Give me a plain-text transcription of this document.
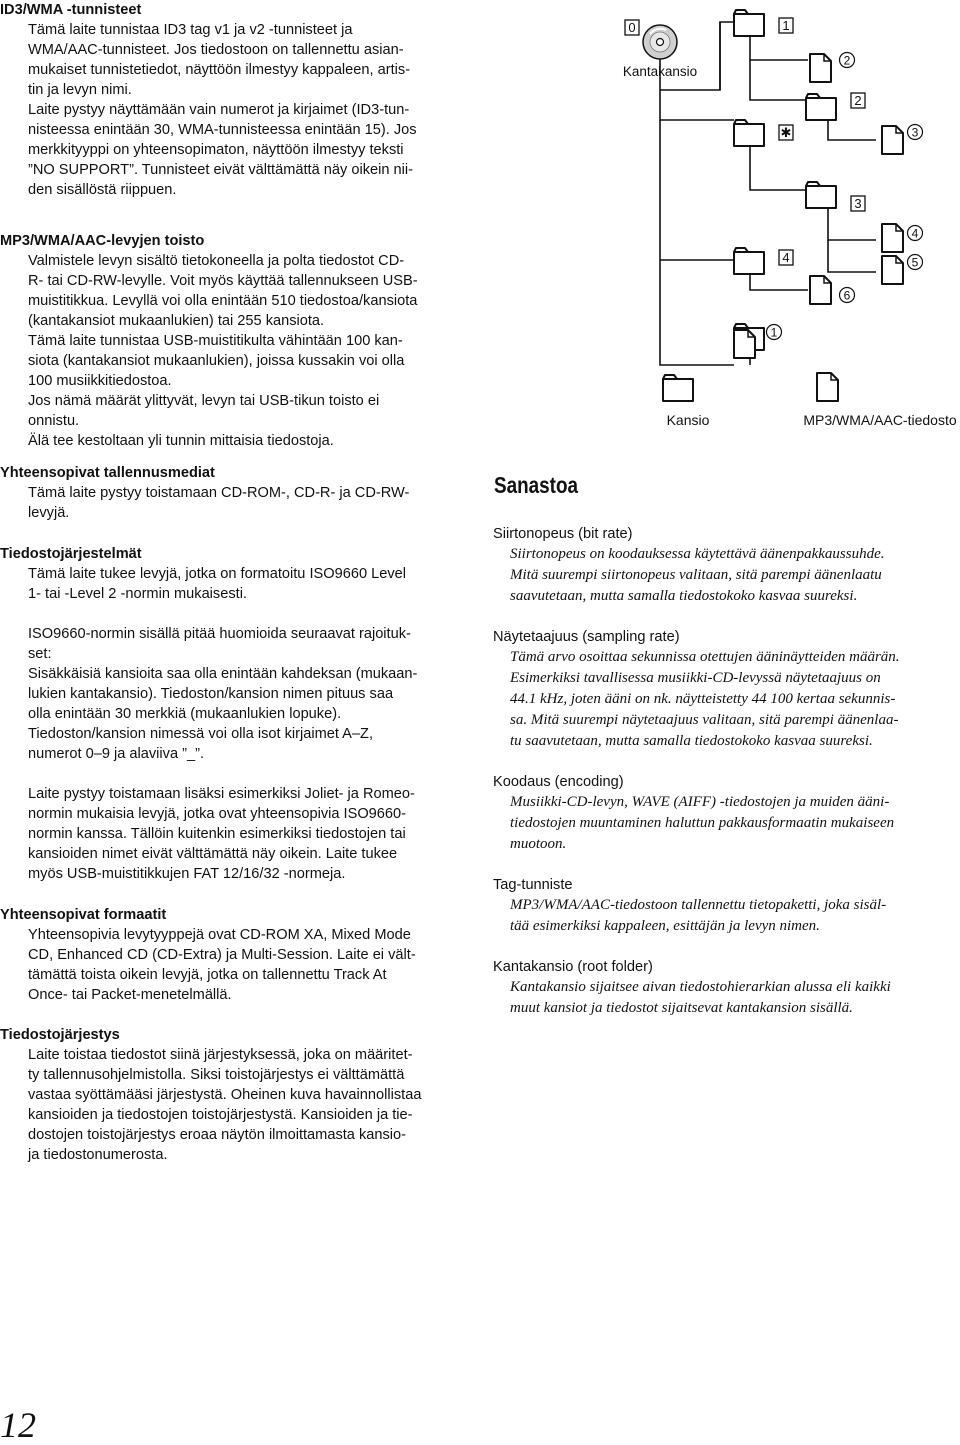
ID3/WMA -tunnisteet
Tämä laite tunnistaa ID3 tag v1 ja v2 -tunnisteet ja
WMA/AAC-tunnisteet. Jos tiedostoon on tallennettu asian-
mukaiset tunnistetiedot, näyttöön ilmestyy kappaleen, artis-
tin ja levyn nimi.
Laite pystyy näyttämään vain numerot ja kirjaimet (ID3-tun-
nisteessa enintään 30, WMA-tunnisteessa enintään 15). Jos
merkkityyppi on yhteensopimaton, näyttöön ilmestyy teksti
”NO SUPPORT”. Tunnisteet eivät välttämättä näy oikein nii-
den sisällöstä riippuen.
MP3/WMA/AAC-levyjen toisto
Valmistele levyn sisältö tietokoneella ja polta tiedostot CD-
R- tai CD-RW-levylle. Voit myös käyttää tallennukseen USB-
muistitikkua. Levyllä voi olla enintään 510 tiedostoa/kansiota
(kantakansiot mukaanlukien) tai 255 kansiota.
Tämä laite tunnistaa USB-muistitikulta vähintään 100 kan-
siota (kantakansiot mukaanlukien), joissa kussakin voi olla
100 musiikkitiedostoa.
Jos nämä määrät ylittyvät, levyn tai USB-tikun toisto ei
onnistu.
Älä tee kestoltaan yli tunnin mittaisia tiedostoja.
Yhteensopivat tallennusmediat
Tämä laite pystyy toistamaan CD-ROM-, CD-R- ja CD-RW-
levyjä.
Tiedostojärjestelmät
Tämä laite tukee levyjä, jotka on formatoitu ISO9660 Level
1- tai -Level 2 -normin mukaisesti.
ISO9660-normin sisällä pitää huomioida seuraavat rajoituk-
set:
Sisäkkäisiä kansioita saa olla enintään kahdeksan (mukaan-
lukien kantakansio). Tiedoston/kansion nimen pituus saa
olla enintään 30 merkkiä (mukaanlukien lopuke).
Tiedoston/kansion nimessä voi olla isot kirjaimet A–Z,
numerot 0–9 ja alaviiva ”_”.
Laite pystyy toistamaan lisäksi esimerkiksi Joliet- ja Romeo-
normin mukaisia levyjä, jotka ovat yhteensopivia ISO9660-
normin kanssa. Tällöin kuitenkin esimerkiksi tiedostojen tai
kansioiden nimet eivät välttämättä näy oikein. Laite tukee
myös USB-muistitikkujen FAT 12/16/32 -normeja.
Yhteensopivat formaatit
Yhteensopivia levytyyppejä ovat CD-ROM XA, Mixed Mode
CD, Enhanced CD (CD-Extra) ja Multi-Session. Laite ei vält-
tämättä toista oikein levyjä, jotka on tallennettu Track At
Once- tai Packet-menetelmällä.
Tiedostojärjestys
Laite toistaa tiedostot siinä järjestyksessä, joka on määritet-
ty tallennusohjelmistolla. Siksi toistojärjestys ei välttämättä
vastaa syöttämääsi järjestystä. Oheinen kuva havainnollistaa
kansioiden ja tiedostojen toistojärjestystä. Kansioiden ja tie-
dostojen toistojärjestys eroaa näytön ilmoittamasta kansio-
ja tiedostonumerosta.
Sanastoa
Siirtonopeus (bit rate)
Siirtonopeus on koodauksessa käytettävä äänenpakkaussuhde.
Mitä suurempi siirtonopeus valitaan, sitä parempi äänenlaatu
saavutetaan, mutta samalla tiedostokoko kasvaa suureksi.
Näytetaajuus (sampling rate)
Tämä arvo osoittaa sekunnissa otettujen ääninäytteiden määrän.
Esimerkiksi tavallisessa musiikki-CD-levyssä näytetaajuus on
44.1 kHz, joten ääni on nk. näytteistetty 44 100 kertaa sekunnis-
sa. Mitä suurempi näytetaajuus valitaan, sitä parempi äänenlaa-
tu saavutetaan, mutta samalla tiedostokoko kasvaa suureksi.
Koodaus (encoding)
Musiikki-CD-levyn, WAVE (AIFF) -tiedostojen ja muiden ääni-
tiedostojen muuntaminen haluttun pakkausformaatin mukaiseen
muotoon.
Tag-tunniste
MP3/WMA/AAC-tiedostoon tallennettu tietopaketti, joka sisäl-
tää esimerkiksi kappaleen, esittäjän ja levyn nimen.
Kantakansio (root folder)
Kantakansio sijaitsee aivan tiedostohierarkian alussa eli kaikki
muut kansiot ja tiedostot sijaitsevat kantakansion sisällä.
Kantakansio
0	1
2
✱
3
4
2
3
4
5
6
1
Kansio	MP3/WMA/AAC-tiedosto
12
